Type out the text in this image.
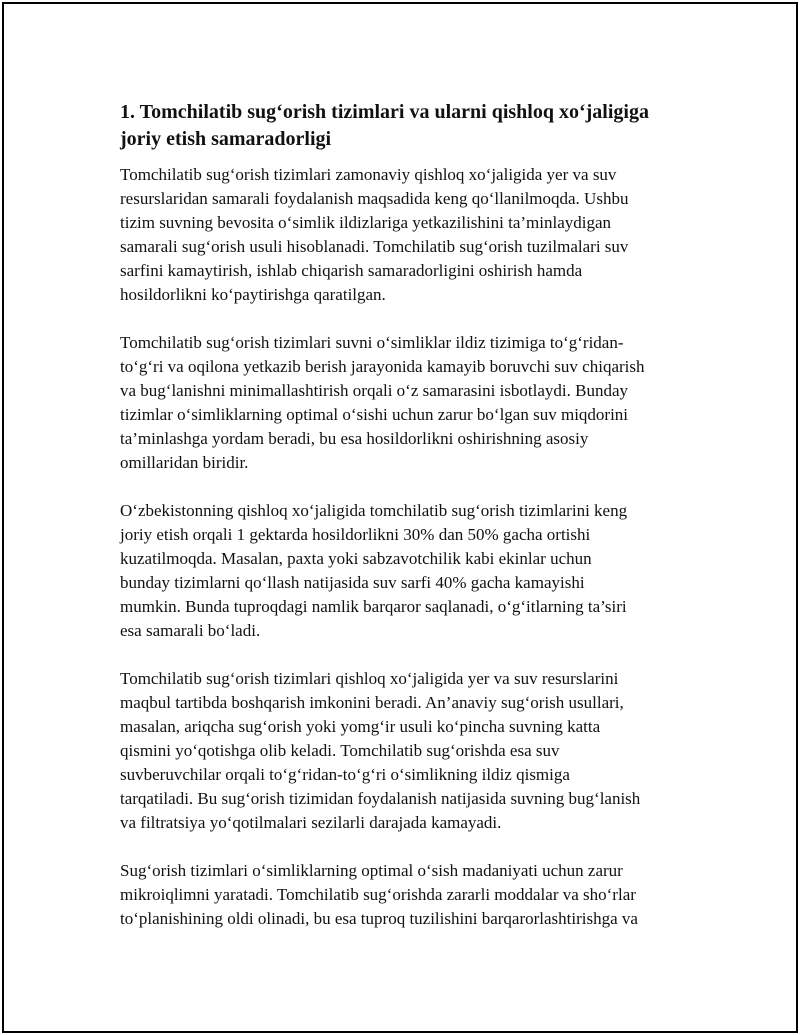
1. Tomchilatib sug‘orish tizimlari va ularni qishloq xo‘jaligiga
joriy etish samaradorligi

Tomchilatib sug‘orish tizimlari zamonaviy qishloq xo‘jaligida yer va suv
resurslaridan samarali foydalanish maqsadida keng qo‘llanilmoqda. Ushbu
tizim suvning bevosita o‘simlik ildizlariga yetkazilishini ta’minlaydigan
samarali sug‘orish usuli hisoblanadi. Tomchilatib sug‘orish tuzilmalari suv
sarfini kamaytirish, ishlab chiqarish samaradorligini oshirish hamda
hosildorlikni ko‘paytirishga qaratilgan.

Tomchilatib sug‘orish tizimlari suvni o‘simliklar ildiz tizimiga to‘g‘ridan-
to‘g‘ri va oqilona yetkazib berish jarayonida kamayib boruvchi suv chiqarish
va bug‘lanishni minimallashtirish orqali o‘z samarasini isbotlaydi. Bunday
tizimlar o‘simliklarning optimal o‘sishi uchun zarur bo‘lgan suv miqdorini
ta’minlashga yordam beradi, bu esa hosildorlikni oshirishning asosiy
omillaridan biridir.

O‘zbekistonning qishloq xo‘jaligida tomchilatib sug‘orish tizimlarini keng
joriy etish orqali 1 gektarda hosildorlikni 30% dan 50% gacha ortishi
kuzatilmoqda. Masalan, paxta yoki sabzavotchilik kabi ekinlar uchun
bunday tizimlarni qo‘llash natijasida suv sarfi 40% gacha kamayishi
mumkin. Bunda tuproqdagi namlik barqaror saqlanadi, o‘g‘itlarning ta’siri
esa samarali bo‘ladi.

Tomchilatib sug‘orish tizimlari qishloq xo‘jaligida yer va suv resurslarini
maqbul tartibda boshqarish imkonini beradi. An’anaviy sug‘orish usullari,
masalan, ariqcha sug‘orish yoki yomg‘ir usuli ko‘pincha suvning katta
qismini yo‘qotishga olib keladi. Tomchilatib sug‘orishda esa suv
suvberuvchilar orqali to‘g‘ridan-to‘g‘ri o‘simlikning ildiz qismiga
tarqatiladi. Bu sug‘orish tizimidan foydalanish natijasida suvning bug‘lanish
va filtratsiya yo‘qotilmalari sezilarli darajada kamayadi.

Sug‘orish tizimlari o‘simliklarning optimal o‘sish madaniyati uchun zarur
mikroiqlimni yaratadi. Tomchilatib sug‘orishda zararli moddalar va sho‘rlar
to‘planishining oldi olinadi, bu esa tuproq tuzilishini barqarorlashtirishga va
